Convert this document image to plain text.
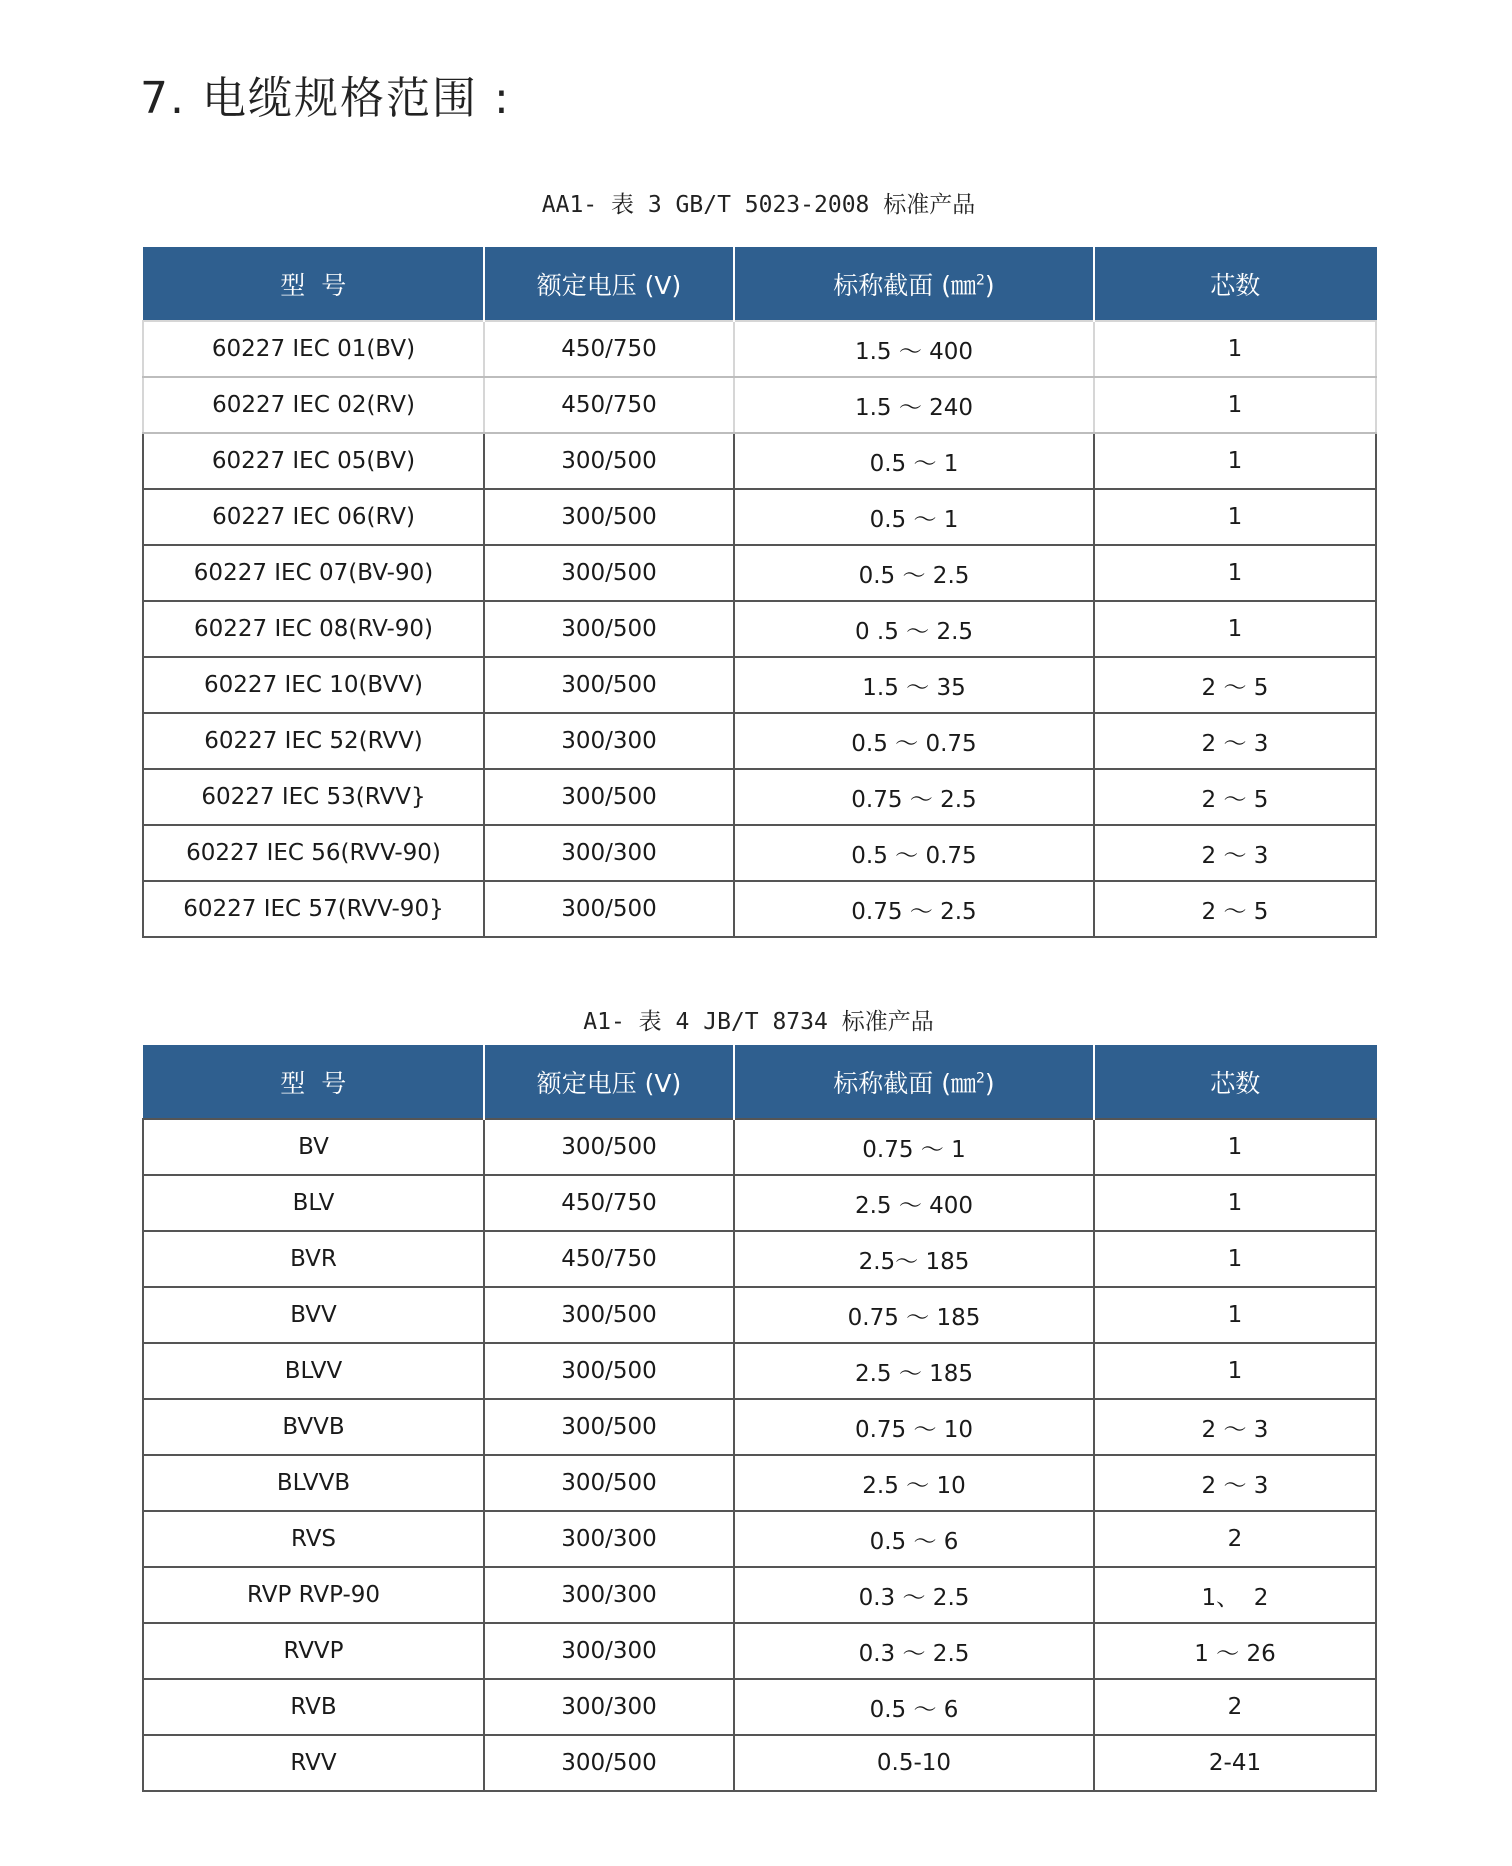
7. 电缆规格范围 :
AA1- 表 3 GB/T 5023-2008 标准产品
型  号	额定电压 (V)	标称截面 (㎜$^2$)	芯数
60227 IEC 01(BV)	450/750	1.5 ～ 400	1
60227 IEC 02(RV)	450/750	1.5 ～ 240	1
60227 IEC 05(BV)	300/500	0.5 ～ 1	1
60227 IEC 06(RV)	300/500	0.5 ～ 1	1
60227 IEC 07(BV-90)	300/500	0.5 ～ 2.5	1
60227 IEC 08(RV-90)	300/500	0 .5 ～ 2.5	1
60227 IEC 10(BVV)	300/500	1.5 ～ 35	2 ～ 5
60227 IEC 52(RVV)	300/300	0.5 ～ 0.75	2 ～ 3
60227 IEC 53(RVV}	300/500	0.75 ～ 2.5	2 ～ 5
60227 IEC 56(RVV-90)	300/300	0.5 ～ 0.75	2 ～ 3
60227 IEC 57(RVV-90}	300/500	0.75 ～ 2.5	2 ～ 5
A1- 表 4 JB/T 8734 标准产品
型  号	额定电压 (V)	标称截面 (㎜$^2$)	芯数
BV	300/500	0.75 ～ 1	1
BLV	450/750	2.5 ～ 400	1
BVR	450/750	2.5～ 185	1
BVV	300/500	0.75 ～ 185	1
BLVV	300/500	2.5 ～ 185	1
BVVB	300/500	0.75 ～ 10	2 ～ 3
BLVVB	300/500	2.5 ～ 10	2 ～ 3
RVS	300/300	0.5 ～ 6	2
RVP RVP-90	300/300	0.3 ～ 2.5	1、  2
RVVP	300/300	0.3 ～ 2.5	1 ～ 26
RVB	300/300	0.5 ～ 6	2
RVV	300/500	0.5-10	2-41
